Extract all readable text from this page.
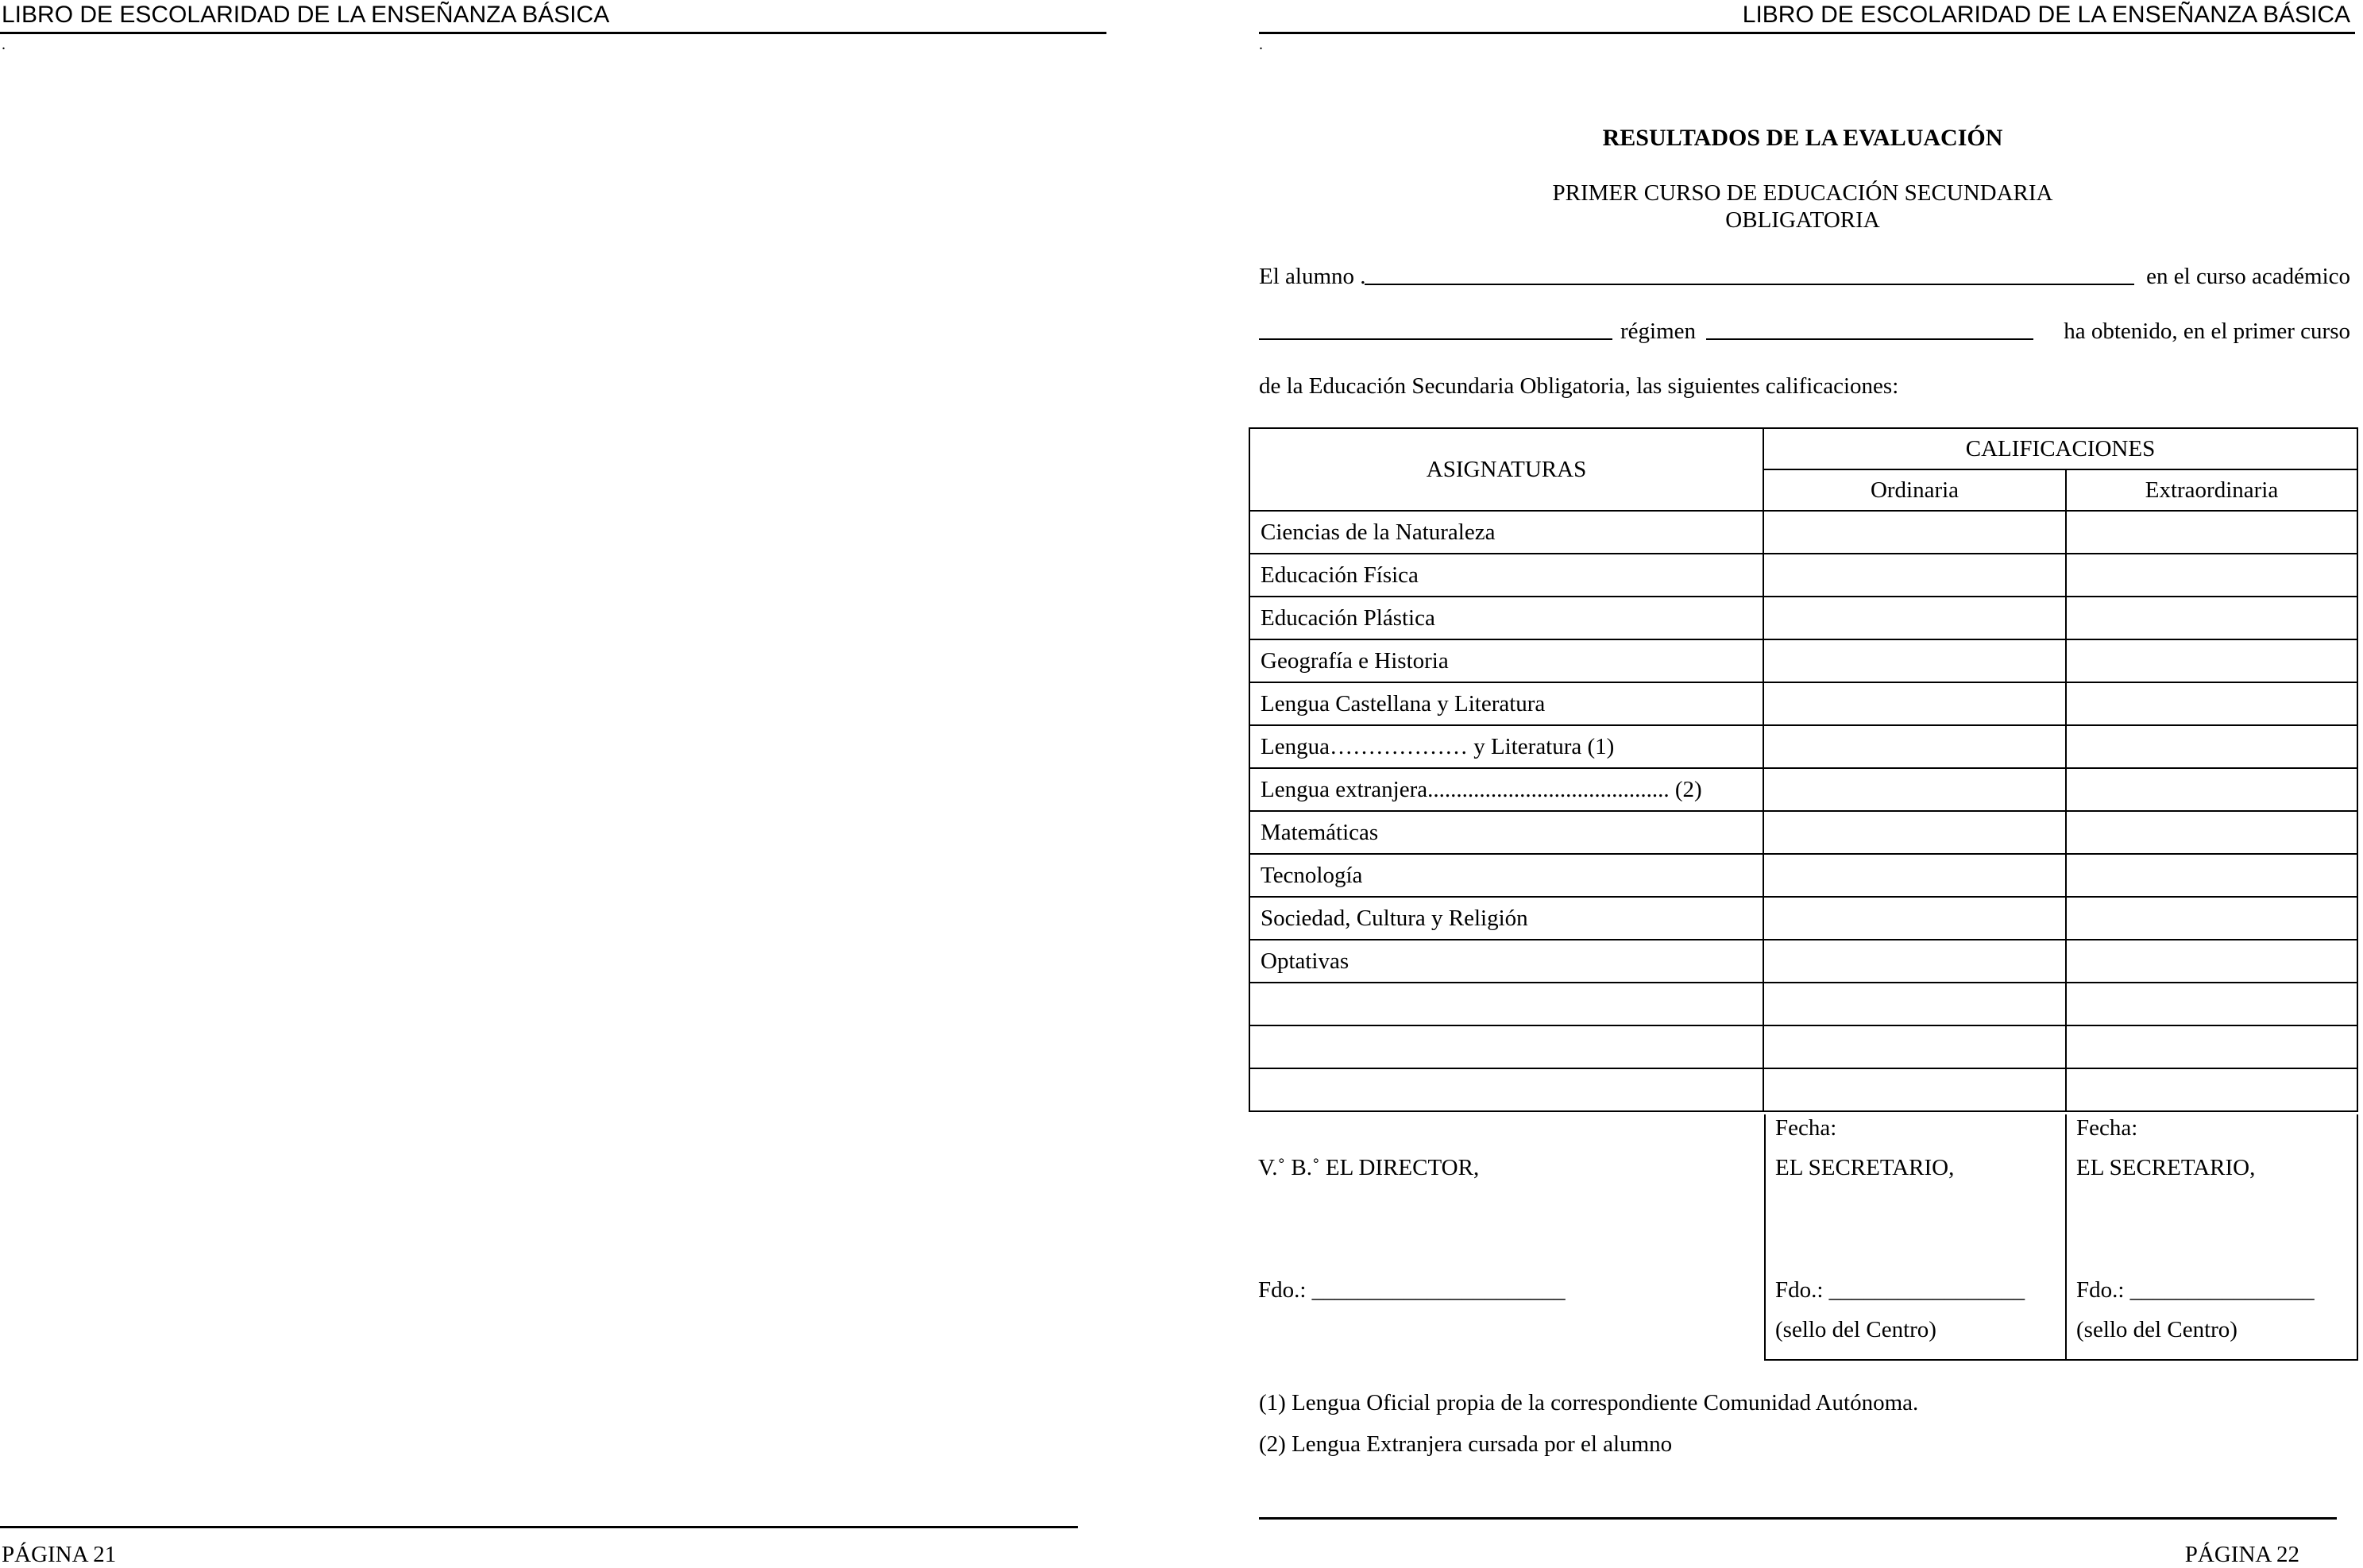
LIBRO DE ESCOLARIDAD DE LA ENSEÑANZA BÁSICA
.
PÁGINA 21
LIBRO DE ESCOLARIDAD DE LA ENSEÑANZA BÁSICA
.
RESULTADOS DE LA EVALUACIÓN
PRIMER CURSO DE EDUCACIÓN SECUNDARIA
OBLIGATORIA
El alumno .	en el curso académico
régimen	ha obtenido, en el primer curso
de la Educación Secundaria Obligatoria, las siguientes calificaciones:
ASIGNATURAS	CALIFICACIONES	
	Ordinaria	Extraordinaria
Ciencias de la Naturaleza		
Educación Física		
Educación Plástica		
Geografía e Historia		
Lengua Castellana y Literatura		
Lengua……………… y Literatura (1)		
Lengua extranjera.......................................... (2)		
Matemáticas		
Tecnología		
Sociedad, Cultura y Religión		
Optativas		

V.˚ B.˚ EL DIRECTOR,
Fdo.: ______________________
Fecha:
EL SECRETARIO,
Fdo.: _________________
(sello del Centro)
Fecha:
EL SECRETARIO,
Fdo.: ________________
(sello del Centro)
(1) Lengua Oficial propia de la correspondiente Comunidad Autónoma.
(2) Lengua Extranjera cursada por el alumno
PÁGINA 22
